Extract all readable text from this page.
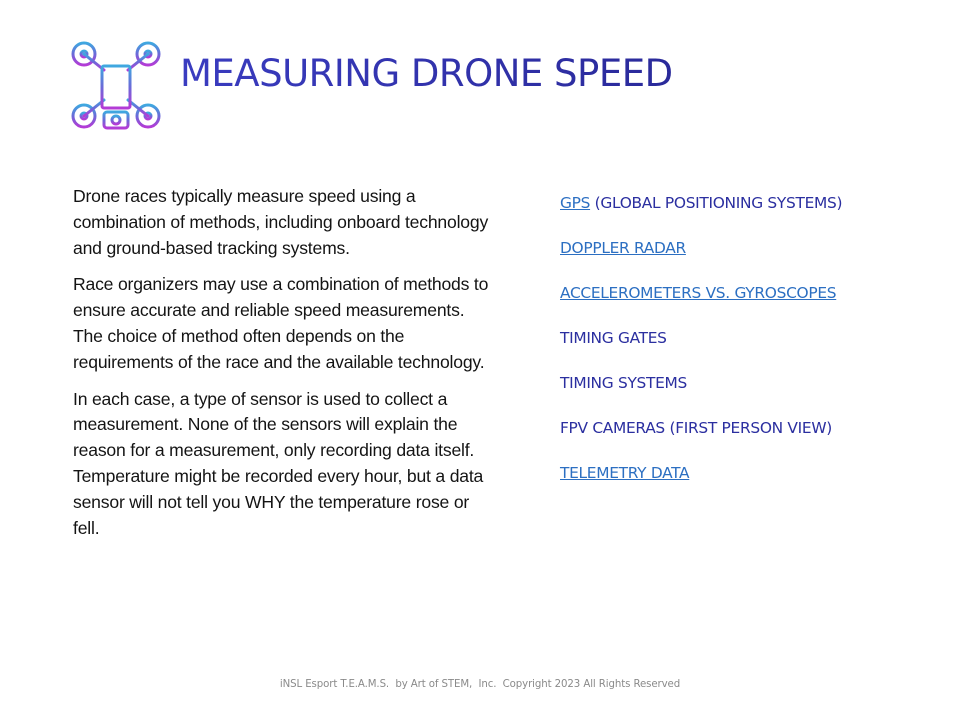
MEASURING DRONE SPEED

Drone races typically measure speed using a combination of methods, including onboard technology and ground-based tracking systems.

Race organizers may use a combination of methods to ensure accurate and reliable speed measurements. The choice of method often depends on the requirements of the race and the available technology.

In each case, a type of sensor is used to collect a measurement. None of the sensors will explain the reason for a measurement, only recording data itself. Temperature might be recorded every hour, but a data sensor will not tell you WHY the temperature rose or fell.

GPS (GLOBAL POSITIONING SYSTEMS)
DOPPLER RADAR
ACCELEROMETERS VS. GYROSCOPES
TIMING GATES
TIMING SYSTEMS
FPV CAMERAS (FIRST PERSON VIEW)
TELEMETRY DATA
iNSL Esport T.E.A.M.S.  by Art of STEM,  Inc.  Copyright 2023 All Rights Reserved
